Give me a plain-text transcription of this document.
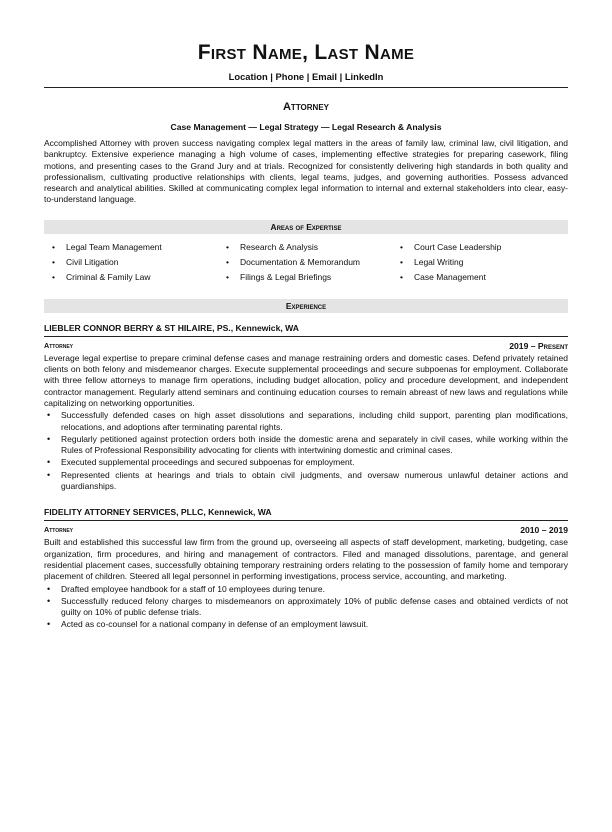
First Name, Last Name
Location | Phone | Email | LinkedIn
Attorney
Case Management — Legal Strategy — Legal Research & Analysis
Accomplished Attorney with proven success navigating complex legal matters in the areas of family law, criminal law, civil litigation, and bankruptcy. Extensive experience managing a high volume of cases, implementing effective strategies for preparing casework, filing motions, and presenting cases to the Grand Jury and at trials. Recognized for consistently delivering high standards in both quality and professionalism, cultivating productive relationships with clients, legal teams, judges, and governing authorities. Possess advanced research and analytical abilities. Skilled at communicating complex legal information to internal and external stakeholders into clear, easy-to-understand language.
Areas of Expertise
• Legal Team Management	• Research & Analysis	• Court Case Leadership
• Civil Litigation	• Documentation & Memorandum	• Legal Writing
• Criminal & Family Law	• Filings & Legal Briefings	• Case Management
Experience
LIEBLER CONNOR BERRY & ST HILAIRE, PS., Kennewick, WA
Attorney	2019 – Present
Leverage legal expertise to prepare criminal defense cases and manage restraining orders and domestic cases. Defend privately retained clients on both felony and misdemeanor charges. Execute supplemental proceedings and secure subpoenas for employment. Collaborate with three fellow attorneys to manage firm operations, including budget allocation, policy and procedure development, and independent contractor management. Regularly attend seminars and continuing education courses to remain abreast of new laws and regulations while capitalizing on networking opportunities.
• Successfully defended cases on high asset dissolutions and separations, including child support, parenting plan modifications, relocations, and adoptions after terminating parental rights.
• Regularly petitioned against protection orders both inside the domestic arena and separately in civil cases, while working within the Rules of Professional Responsibility advocating for clients with intertwining domestic and criminal cases.
• Executed supplemental proceedings and secured subpoenas for employment.
• Represented clients at hearings and trials to obtain civil judgments, and oversaw numerous unlawful detainer actions and guardianships.
FIDELITY ATTORNEY SERVICES, PLLC, Kennewick, WA
Attorney	2010 – 2019
Built and established this successful law firm from the ground up, overseeing all aspects of staff development, marketing, budgeting, case organization, firm procedures, and hiring and management of contractors. Filed and managed dissolutions, parentage, and general residential placement cases, successfully obtaining temporary restraining orders relating to the possession of family home and temporary placement of children. Steered all legal personnel in performing investigations, process service, accounting, and marketing.
• Drafted employee handbook for a staff of 10 employees during tenure.
• Successfully reduced felony charges to misdemeanors on approximately 10% of public defense cases and obtained verdicts of not guilty on 10% of public defense trials.
• Acted as co-counsel for a national company in defense of an employment lawsuit.
